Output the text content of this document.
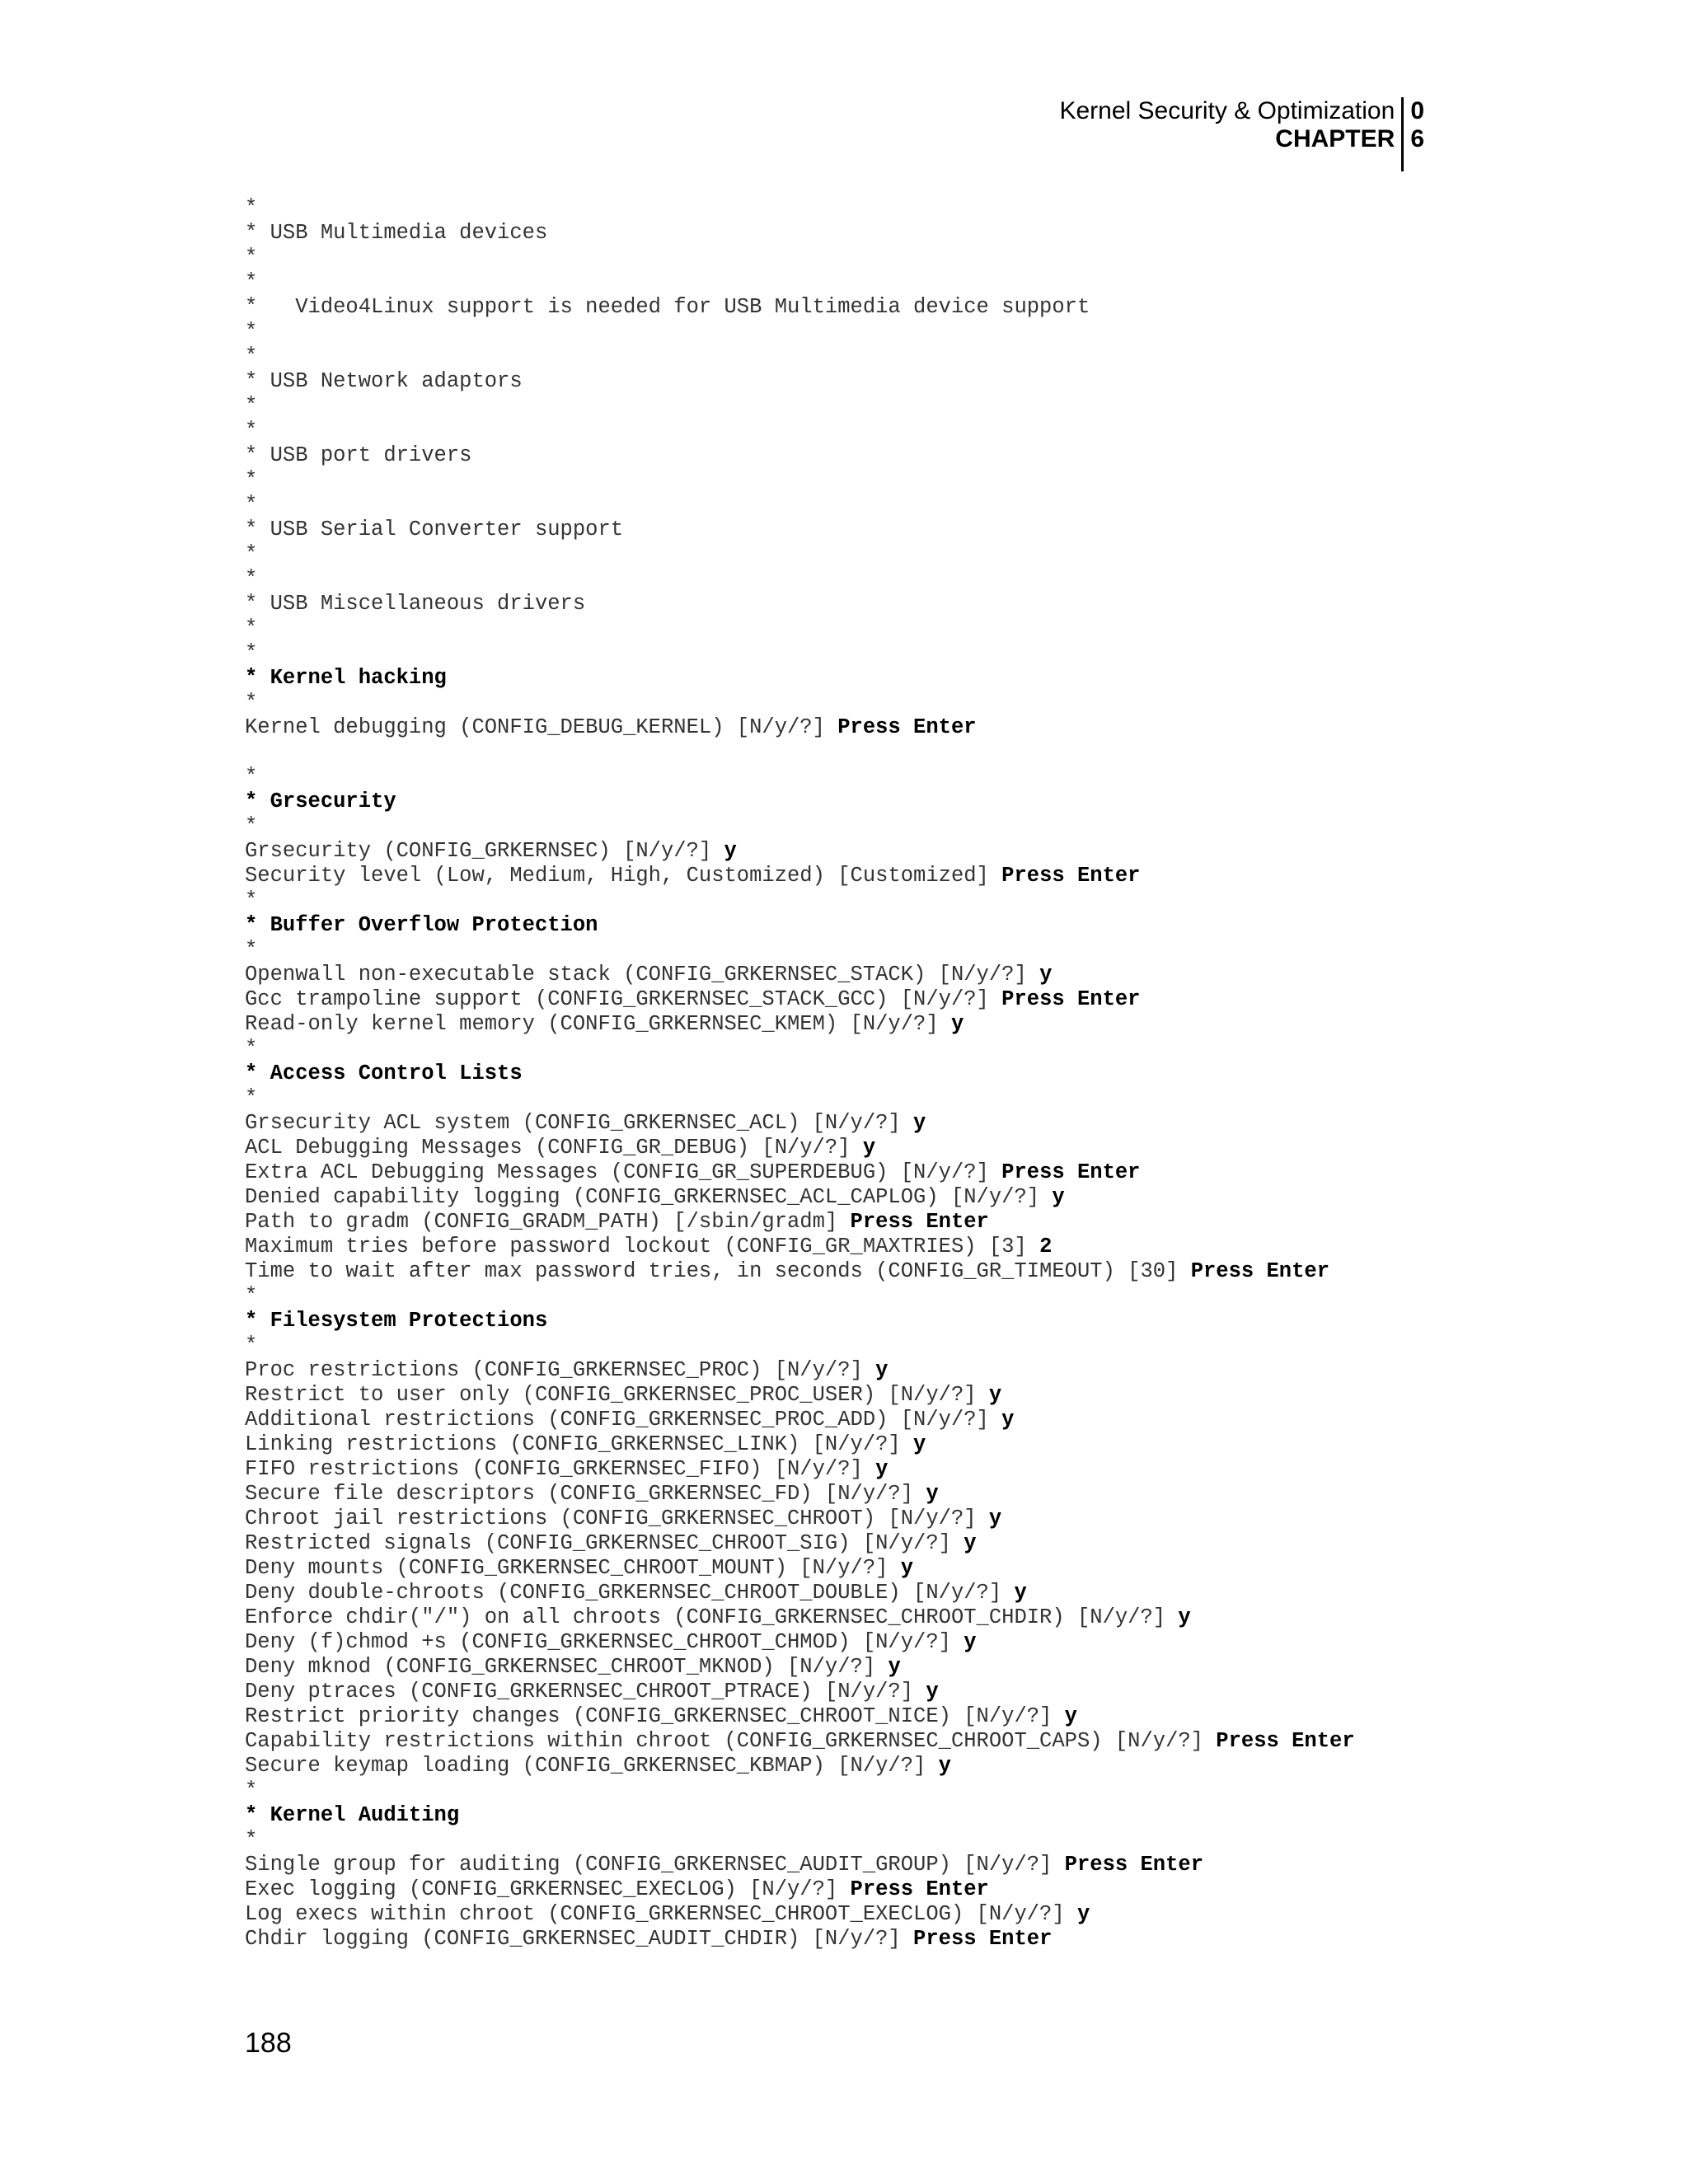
Kernel Security & Optimization
CHAPTER
0
6
*
* USB Multimedia devices
*
*
*   Video4Linux support is needed for USB Multimedia device support
*
*
* USB Network adaptors
*
*
* USB port drivers
*
*
* USB Serial Converter support
*
*
* USB Miscellaneous drivers
*
*
* Kernel hacking
*
Kernel debugging (CONFIG_DEBUG_KERNEL) [N/y/?] Press Enter
*
* Grsecurity
*
Grsecurity (CONFIG_GRKERNSEC) [N/y/?] y
Security level (Low, Medium, High, Customized) [Customized] Press Enter
*
* Buffer Overflow Protection
*
Openwall non-executable stack (CONFIG_GRKERNSEC_STACK) [N/y/?] y
Gcc trampoline support (CONFIG_GRKERNSEC_STACK_GCC) [N/y/?] Press Enter
Read-only kernel memory (CONFIG_GRKERNSEC_KMEM) [N/y/?] y
*
* Access Control Lists
*
Grsecurity ACL system (CONFIG_GRKERNSEC_ACL) [N/y/?] y
ACL Debugging Messages (CONFIG_GR_DEBUG) [N/y/?] y
Extra ACL Debugging Messages (CONFIG_GR_SUPERDEBUG) [N/y/?] Press Enter
Denied capability logging (CONFIG_GRKERNSEC_ACL_CAPLOG) [N/y/?] y
Path to gradm (CONFIG_GRADM_PATH) [/sbin/gradm] Press Enter
Maximum tries before password lockout (CONFIG_GR_MAXTRIES) [3] 2
Time to wait after max password tries, in seconds (CONFIG_GR_TIMEOUT) [30] Press Enter
*
* Filesystem Protections
*
Proc restrictions (CONFIG_GRKERNSEC_PROC) [N/y/?] y
Restrict to user only (CONFIG_GRKERNSEC_PROC_USER) [N/y/?] y
Additional restrictions (CONFIG_GRKERNSEC_PROC_ADD) [N/y/?] y
Linking restrictions (CONFIG_GRKERNSEC_LINK) [N/y/?] y
FIFO restrictions (CONFIG_GRKERNSEC_FIFO) [N/y/?] y
Secure file descriptors (CONFIG_GRKERNSEC_FD) [N/y/?] y
Chroot jail restrictions (CONFIG_GRKERNSEC_CHROOT) [N/y/?] y
Restricted signals (CONFIG_GRKERNSEC_CHROOT_SIG) [N/y/?] y
Deny mounts (CONFIG_GRKERNSEC_CHROOT_MOUNT) [N/y/?] y
Deny double-chroots (CONFIG_GRKERNSEC_CHROOT_DOUBLE) [N/y/?] y
Enforce chdir("/") on all chroots (CONFIG_GRKERNSEC_CHROOT_CHDIR) [N/y/?] y
Deny (f)chmod +s (CONFIG_GRKERNSEC_CHROOT_CHMOD) [N/y/?] y
Deny mknod (CONFIG_GRKERNSEC_CHROOT_MKNOD) [N/y/?] y
Deny ptraces (CONFIG_GRKERNSEC_CHROOT_PTRACE) [N/y/?] y
Restrict priority changes (CONFIG_GRKERNSEC_CHROOT_NICE) [N/y/?] y
Capability restrictions within chroot (CONFIG_GRKERNSEC_CHROOT_CAPS) [N/y/?] Press Enter
Secure keymap loading (CONFIG_GRKERNSEC_KBMAP) [N/y/?] y
*
* Kernel Auditing
*
Single group for auditing (CONFIG_GRKERNSEC_AUDIT_GROUP) [N/y/?] Press Enter
Exec logging (CONFIG_GRKERNSEC_EXECLOG) [N/y/?] Press Enter
Log execs within chroot (CONFIG_GRKERNSEC_CHROOT_EXECLOG) [N/y/?] y
Chdir logging (CONFIG_GRKERNSEC_AUDIT_CHDIR) [N/y/?] Press Enter
188
